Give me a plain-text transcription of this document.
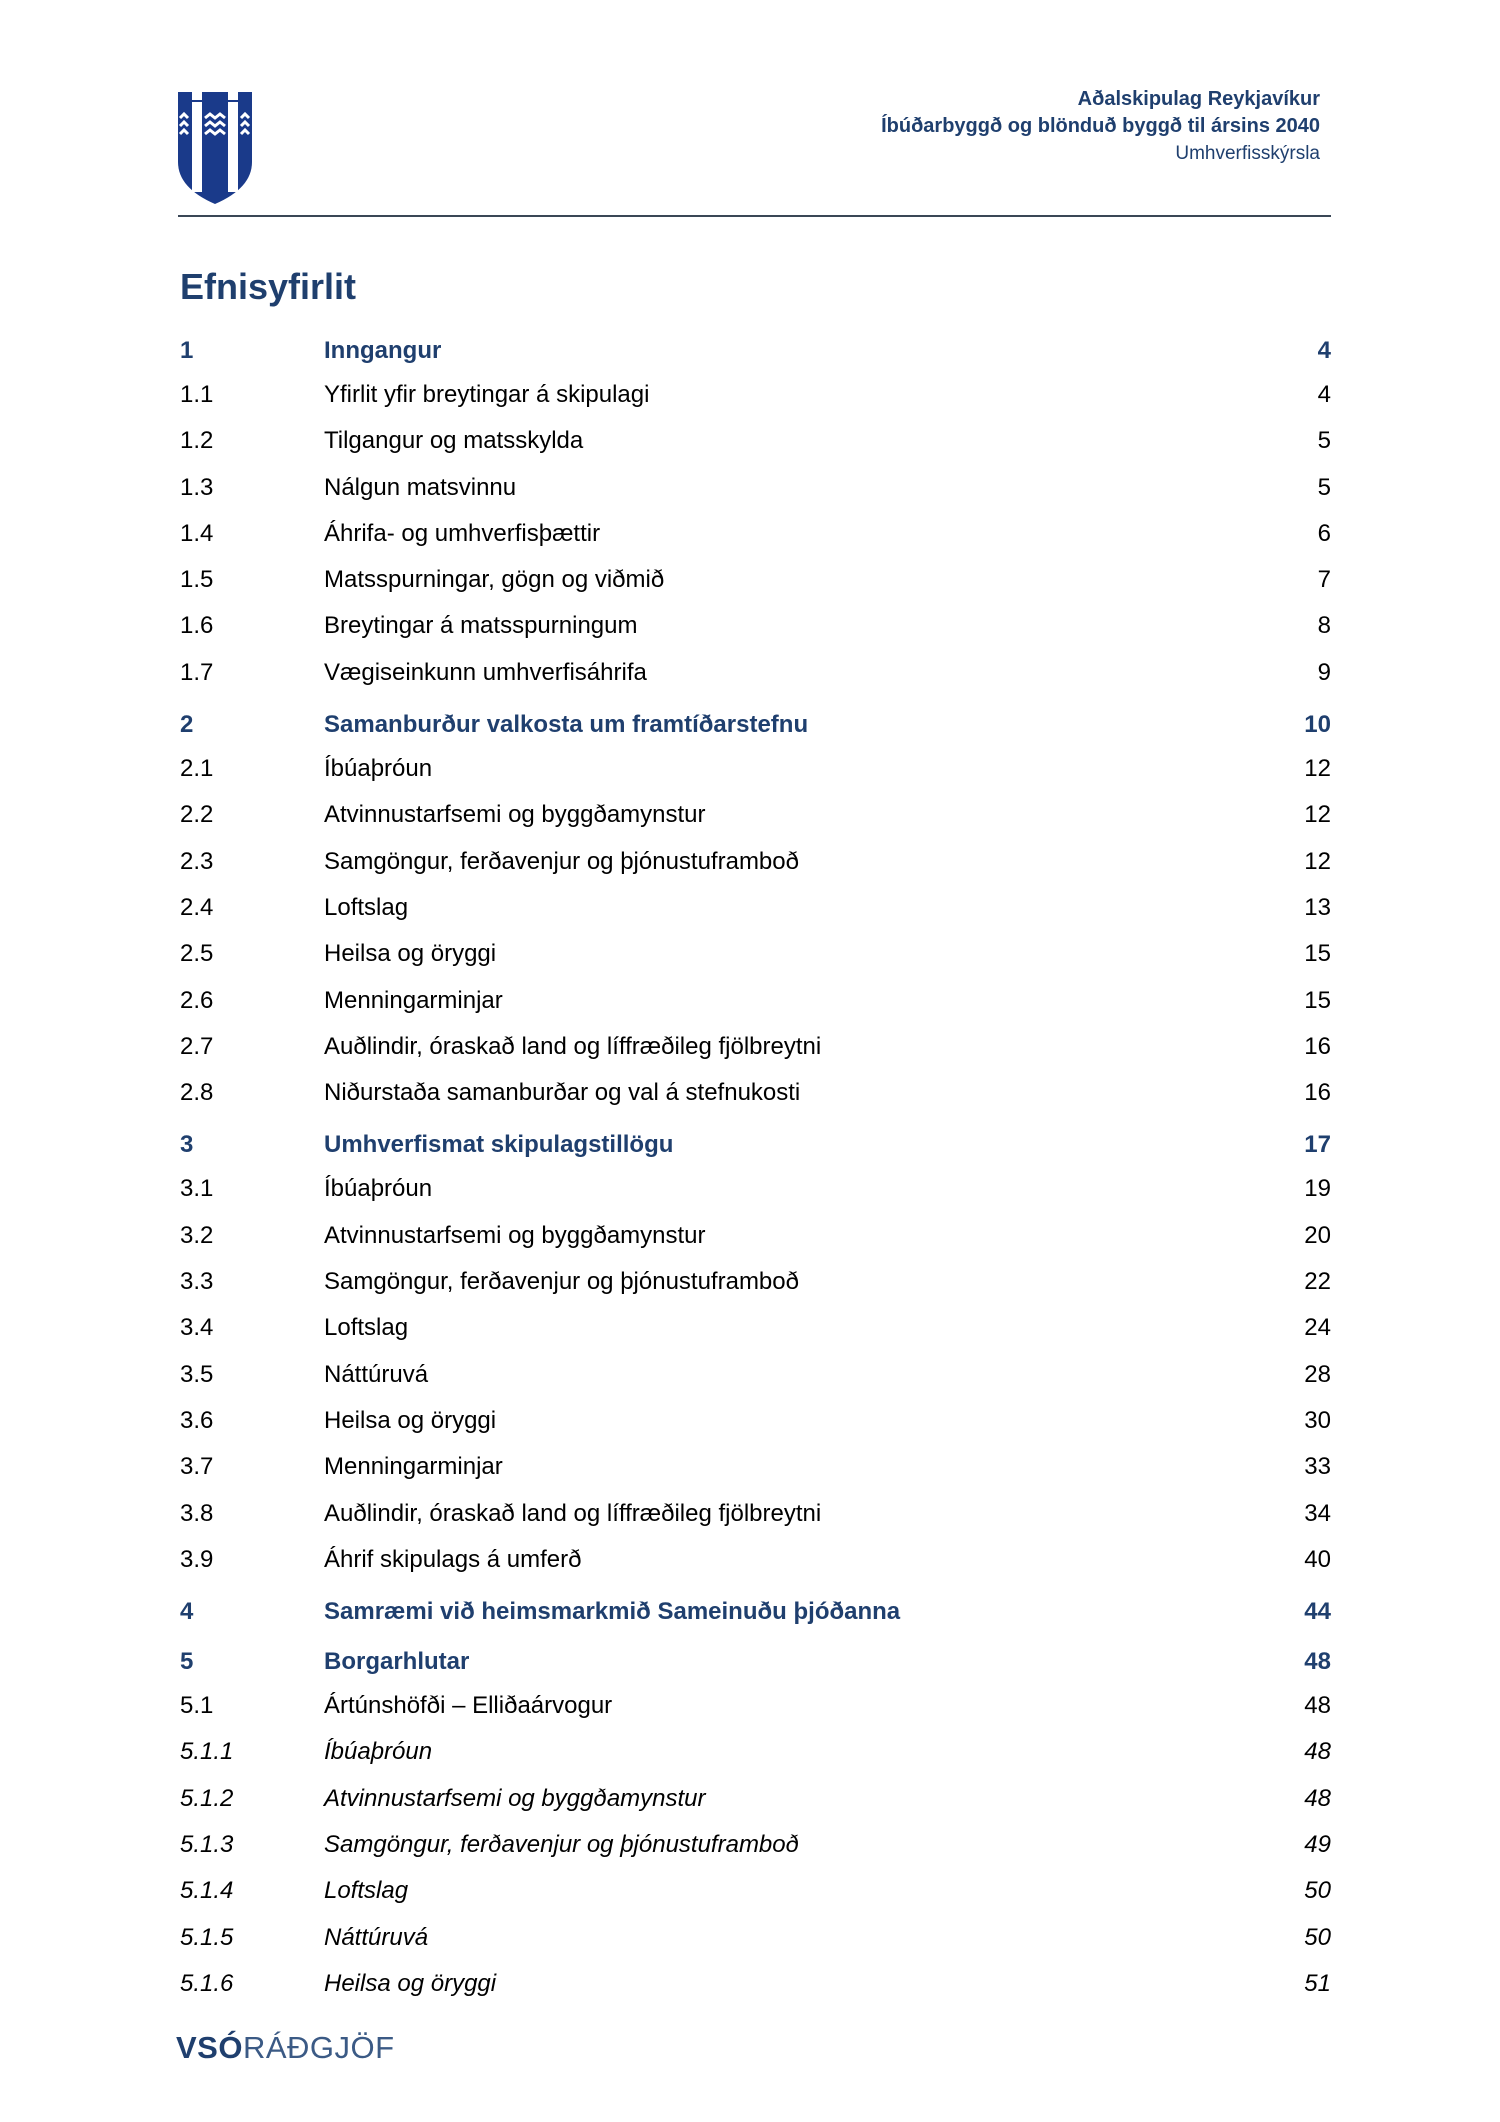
Aðalskipulag Reykjavíkur
Íbúðarbyggð og blönduð byggð til ársins 2040
Umhverfisskýrsla
Efnisyfirlit
1	Inngangur	4
1.1	Yfirlit yfir breytingar á skipulagi	4
1.2	Tilgangur og matsskylda	5
1.3	Nálgun matsvinnu	5
1.4	Áhrifa- og umhverfisþættir	6
1.5	Matsspurningar, gögn og viðmið	7
1.6	Breytingar á matsspurningum	8
1.7	Vægiseinkunn umhverfisáhrifa	9
2	Samanburður valkosta um framtíðarstefnu	10
2.1	Íbúaþróun	12
2.2	Atvinnustarfsemi og byggðamynstur	12
2.3	Samgöngur, ferðavenjur og þjónustuframboð	12
2.4	Loftslag	13
2.5	Heilsa og öryggi	15
2.6	Menningarminjar	15
2.7	Auðlindir, óraskað land og líffræðileg fjölbreytni	16
2.8	Niðurstaða samanburðar og val á stefnukosti	16
3	Umhverfismat skipulagstillögu	17
3.1	Íbúaþróun	19
3.2	Atvinnustarfsemi og byggðamynstur	20
3.3	Samgöngur, ferðavenjur og þjónustuframboð	22
3.4	Loftslag	24
3.5	Náttúruvá	28
3.6	Heilsa og öryggi	30
3.7	Menningarminjar	33
3.8	Auðlindir, óraskað land og líffræðileg fjölbreytni	34
3.9	Áhrif skipulags á umferð	40
4	Samræmi við heimsmarkmið Sameinuðu þjóðanna	44
5	Borgarhlutar	48
5.1	Ártúnshöfði – Elliðaárvogur	48
5.1.1	Íbúaþróun	48
5.1.2	Atvinnustarfsemi og byggðamynstur	48
5.1.3	Samgöngur, ferðavenjur og þjónustuframboð	49
5.1.4	Loftslag	50
5.1.5	Náttúruvá	50
5.1.6	Heilsa og öryggi	51
VSÓRÁÐGJÖF
